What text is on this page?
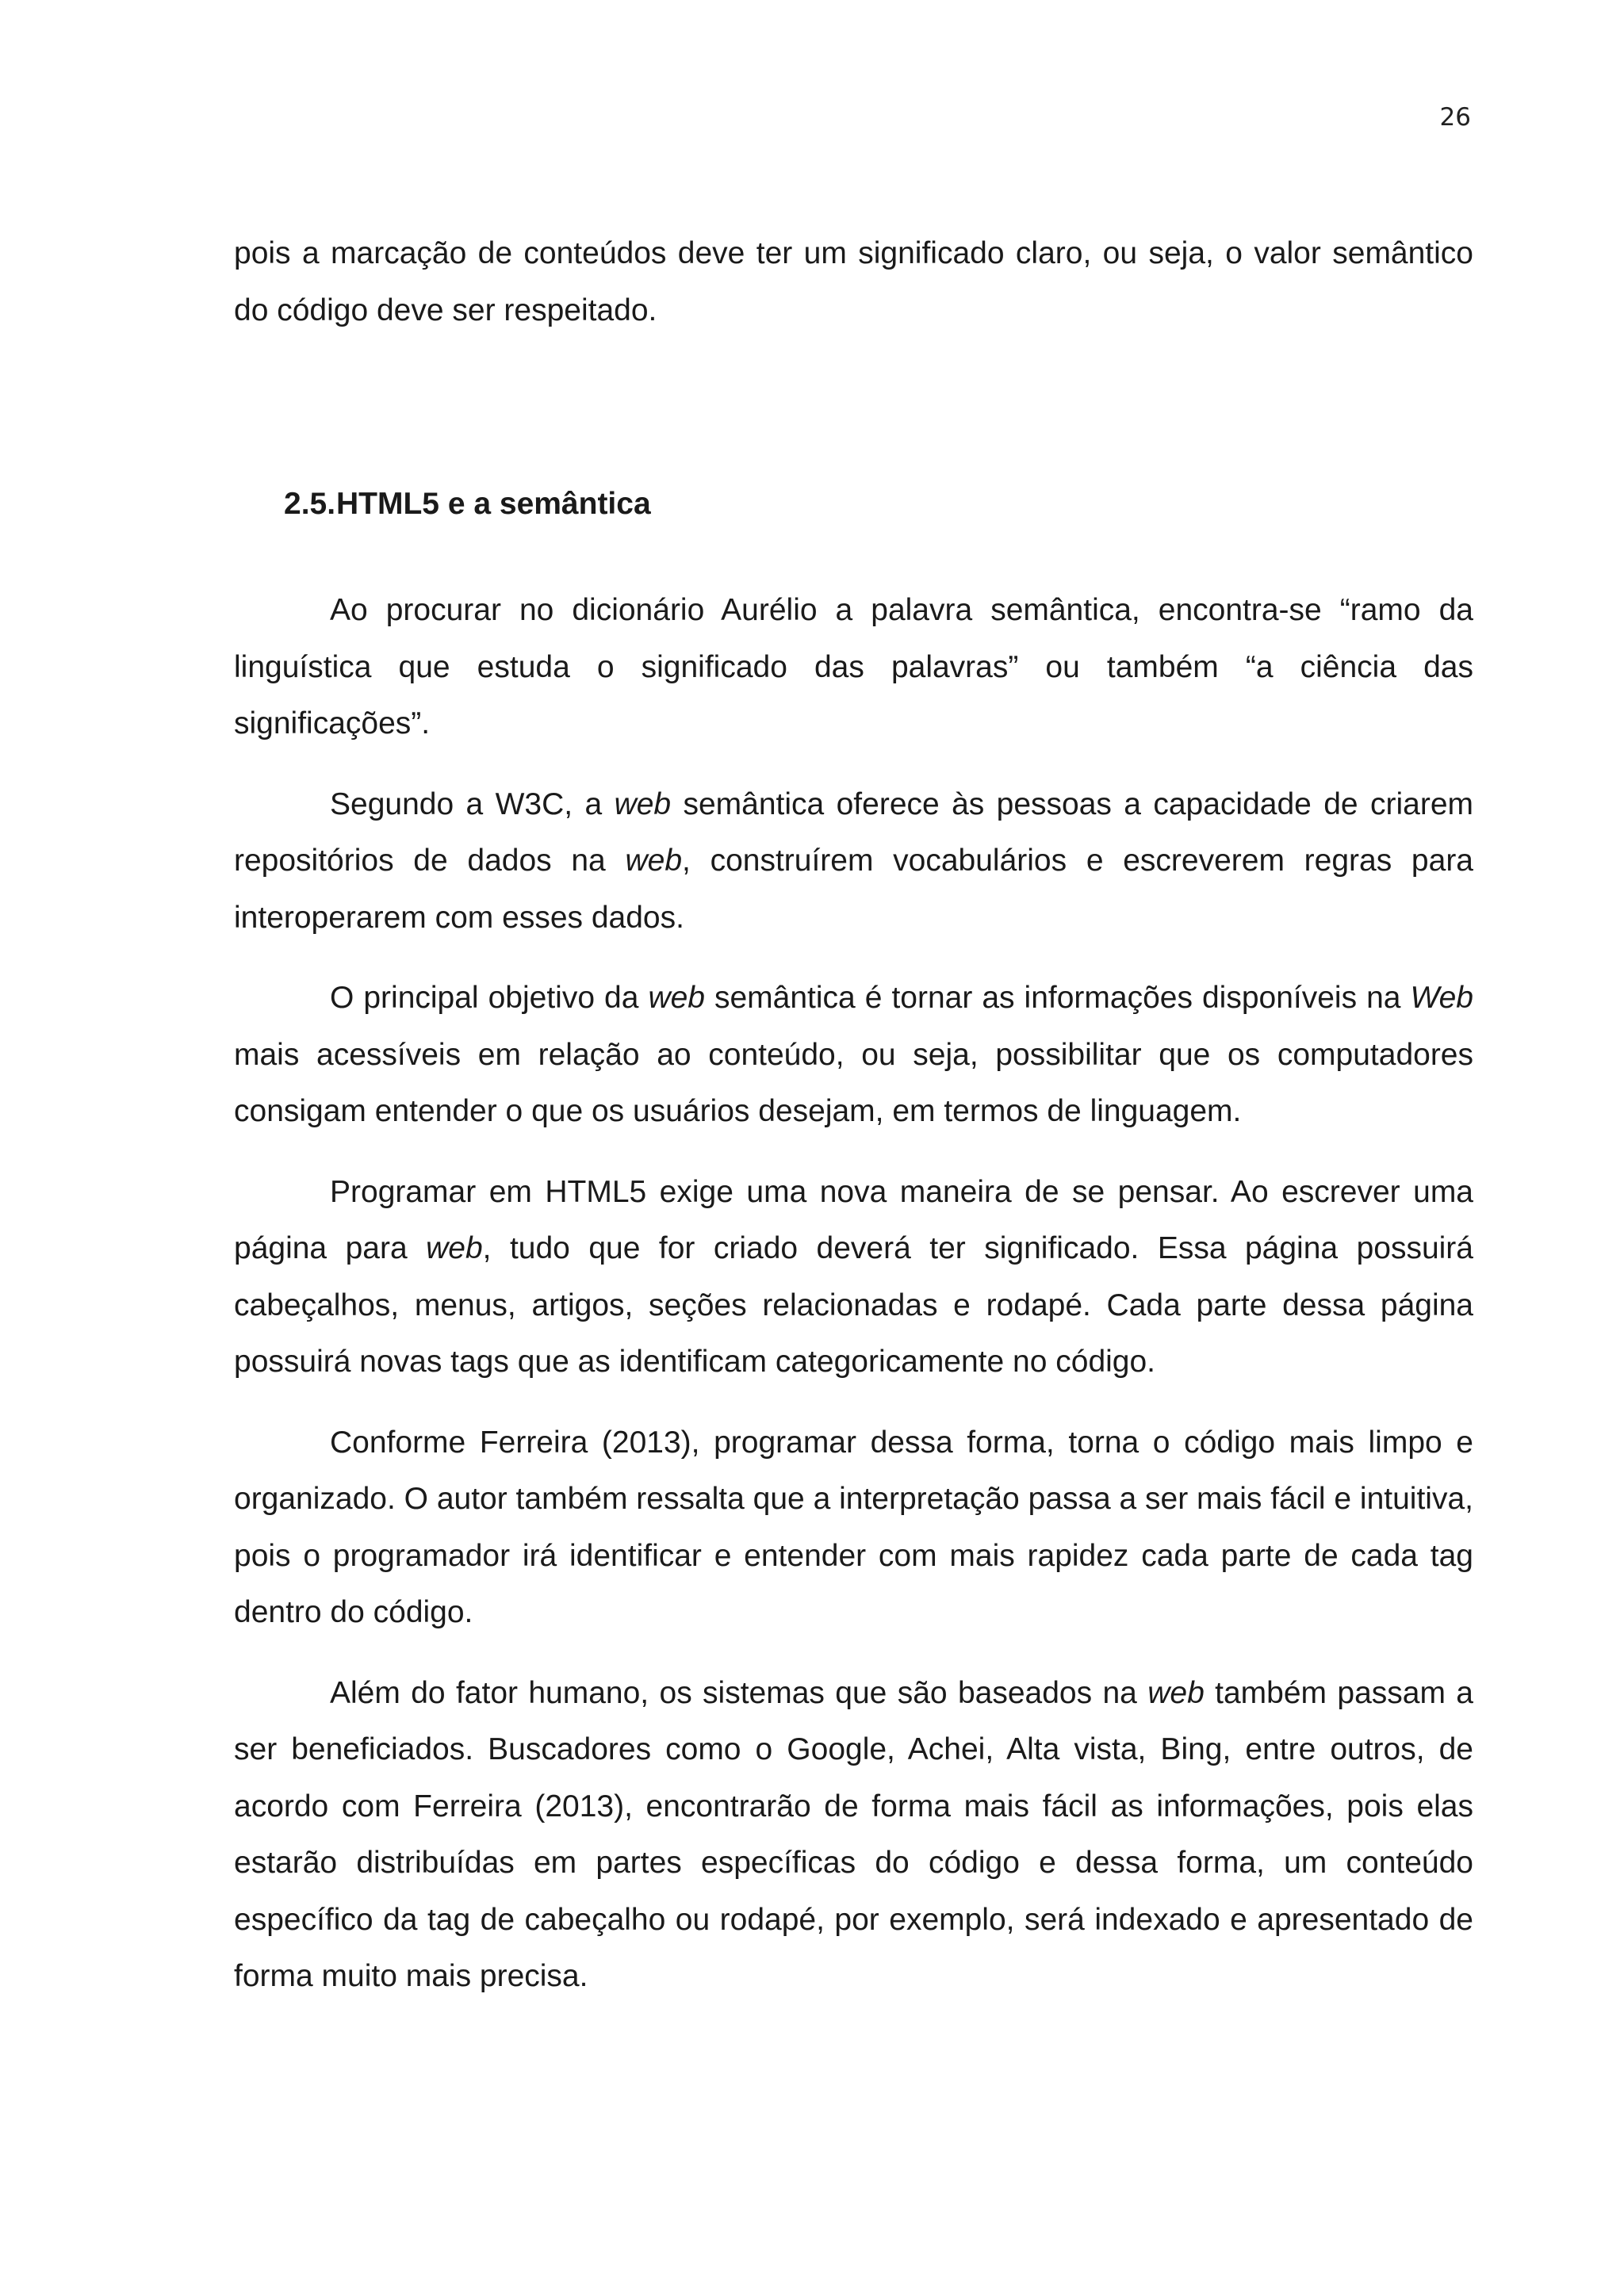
26

pois a marcação de conteúdos deve ter um significado claro, ou seja, o valor semântico do código deve ser respeitado.

2.5.HTML5 e a semântica

Ao procurar no dicionário Aurélio a palavra semântica, encontra-se “ramo da linguística que estuda o significado das palavras” ou também “a ciência das significações”.

Segundo a W3C, a web semântica oferece às pessoas a capacidade de criarem repositórios de dados na web, construírem vocabulários e escreverem regras para interoperarem com esses dados.

O principal objetivo da web semântica é tornar as informações disponíveis na Web mais acessíveis em relação ao conteúdo, ou seja, possibilitar que os computadores consigam entender o que os usuários desejam, em termos de linguagem.

Programar em HTML5 exige uma nova maneira de se pensar. Ao escrever uma página para web, tudo que for criado deverá ter significado. Essa página possuirá cabeçalhos, menus, artigos, seções relacionadas e rodapé. Cada parte dessa página possuirá novas tags que as identificam categoricamente no código.

Conforme Ferreira (2013), programar dessa forma, torna o código mais limpo e organizado. O autor também ressalta que a interpretação passa a ser mais fácil e intuitiva, pois o programador irá identificar e entender com mais rapidez cada parte de cada tag dentro do código.

Além do fator humano, os sistemas que são baseados na web também passam a ser beneficiados. Buscadores como o Google, Achei, Alta vista, Bing, entre outros, de acordo com Ferreira (2013), encontrarão de forma mais fácil as informações, pois elas estarão distribuídas em partes específicas do código e dessa forma, um conteúdo específico da tag de cabeçalho ou rodapé, por exemplo, será indexado e apresentado de forma muito mais precisa.
